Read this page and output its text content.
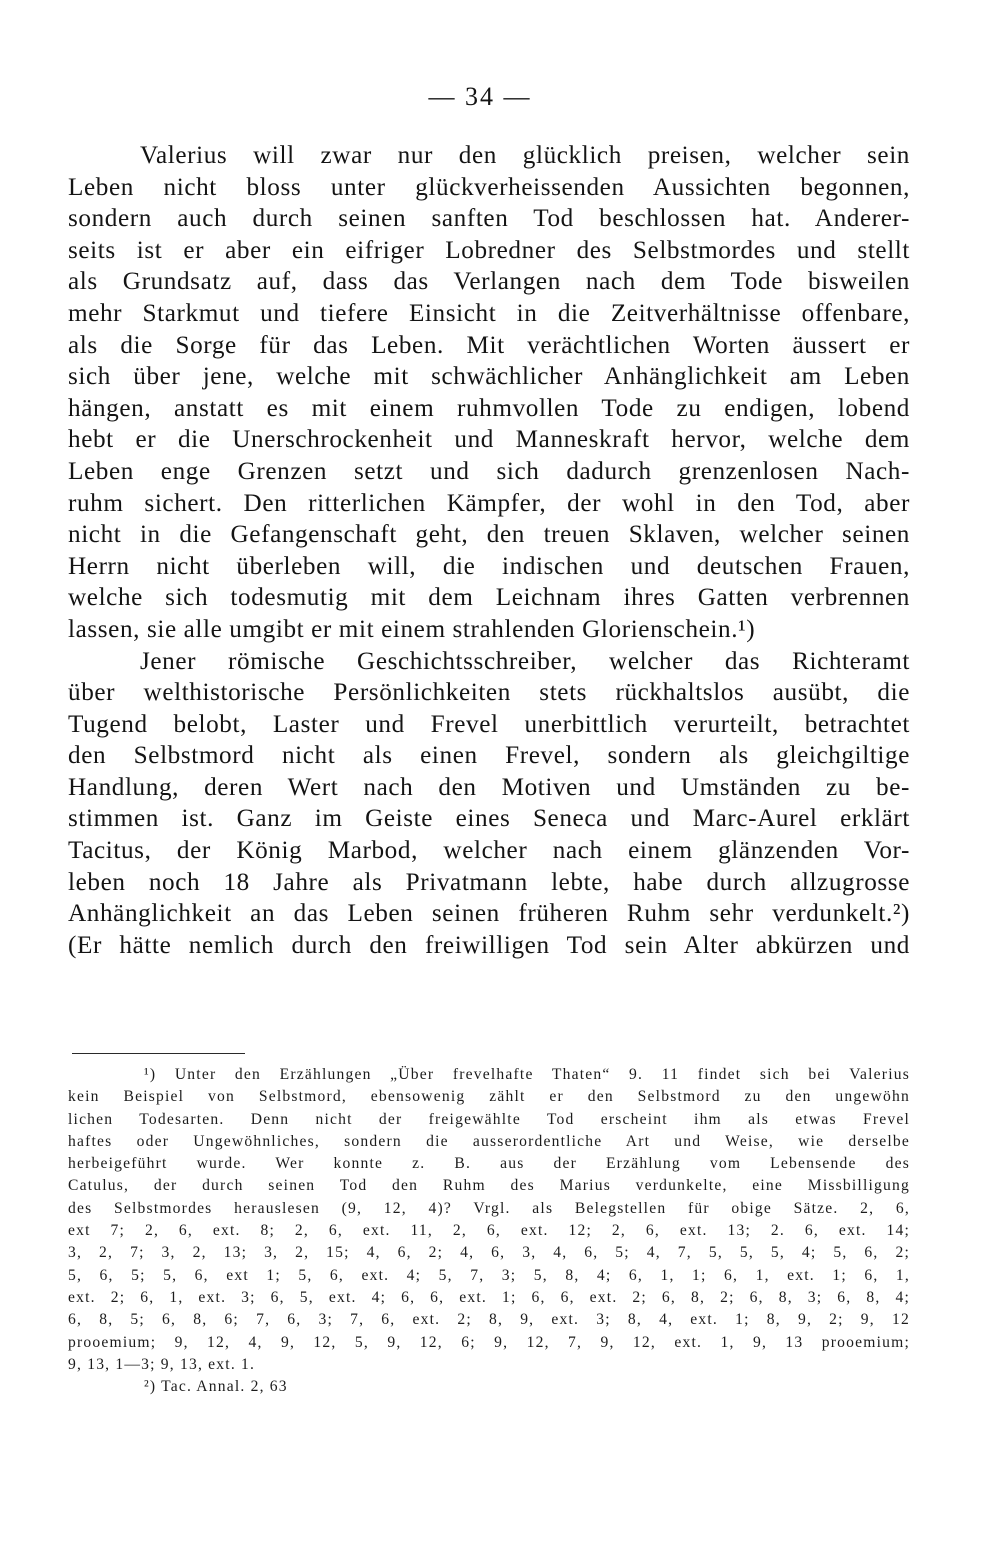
— 34 —
Valerius will zwar nur den glücklich preisen, welcher sein
Leben nicht bloss unter glückverheissenden Aussichten begonnen,
sondern auch durch seinen sanften Tod beschlossen hat. Anderer-
seits ist er aber ein eifriger Lobredner des Selbstmordes und stellt
als Grundsatz auf, dass das Verlangen nach dem Tode bisweilen
mehr Starkmut und tiefere Einsicht in die Zeitverhältnisse offenbare,
als die Sorge für das Leben. Mit verächtlichen Worten äussert er
sich über jene, welche mit schwächlicher Anhänglichkeit am Leben
hängen, anstatt es mit einem ruhmvollen Tode zu endigen, lobend
hebt er die Unerschrockenheit und Manneskraft hervor, welche dem
Leben enge Grenzen setzt und sich dadurch grenzenlosen Nach-
ruhm sichert. Den ritterlichen Kämpfer, der wohl in den Tod, aber
nicht in die Gefangenschaft geht, den treuen Sklaven, welcher seinen
Herrn nicht überleben will, die indischen und deutschen Frauen,
welche sich todesmutig mit dem Leichnam ihres Gatten verbrennen
lassen, sie alle umgibt er mit einem strahlenden Glorienschein.¹)
Jener römische Geschichtsschreiber, welcher das Richteramt
über welthistorische Persönlichkeiten stets rückhaltslos ausübt, die
Tugend belobt, Laster und Frevel unerbittlich verurteilt, betrachtet
den Selbstmord nicht als einen Frevel, sondern als gleichgiltige
Handlung, deren Wert nach den Motiven und Umständen zu be-
stimmen ist. Ganz im Geiste eines Seneca und Marc-Aurel erklärt
Tacitus, der König Marbod, welcher nach einem glänzenden Vor-
leben noch 18 Jahre als Privatmann lebte, habe durch allzugrosse
Anhänglichkeit an das Leben seinen früheren Ruhm sehr verdunkelt.²)
(Er hätte nemlich durch den freiwilligen Tod sein Alter abkürzen und
¹) Unter den Erzählungen „Über frevelhafte Thaten“ 9. 11 findet sich bei Valerius
kein Beispiel von Selbstmord, ebensowenig zählt er den Selbstmord zu den ungewöhn
lichen Todesarten. Denn nicht der freigewählte Tod erscheint ihm als etwas Frevel
haftes oder Ungewöhnliches, sondern die ausserordentliche Art und Weise, wie derselbe
herbeigeführt wurde. Wer konnte z. B. aus der Erzählung vom Lebensende des
Catulus, der durch seinen Tod den Ruhm des Marius verdunkelte, eine Missbilligung
des Selbstmordes herauslesen (9, 12, 4)? Vrgl. als Belegstellen für obige Sätze. 2, 6,
ext 7; 2, 6, ext. 8; 2, 6, ext. 11, 2, 6, ext. 12; 2, 6, ext. 13; 2. 6, ext. 14;
3, 2, 7; 3, 2, 13; 3, 2, 15; 4, 6, 2; 4, 6, 3, 4, 6, 5; 4, 7, 5, 5, 5, 4; 5, 6, 2;
5, 6, 5; 5, 6, ext 1; 5, 6, ext. 4; 5, 7, 3; 5, 8, 4; 6, 1, 1; 6, 1, ext. 1; 6, 1,
ext. 2; 6, 1, ext. 3; 6, 5, ext. 4; 6, 6, ext. 1; 6, 6, ext. 2; 6, 8, 2; 6, 8, 3; 6, 8, 4;
6, 8, 5; 6, 8, 6; 7, 6, 3; 7, 6, ext. 2; 8, 9, ext. 3; 8, 4, ext. 1; 8, 9, 2; 9, 12
prooemium; 9, 12, 4, 9, 12, 5, 9, 12, 6; 9, 12, 7, 9, 12, ext. 1, 9, 13 prooemium;
9, 13, 1—3; 9, 13, ext. 1.
²) Tac. Annal. 2, 63
